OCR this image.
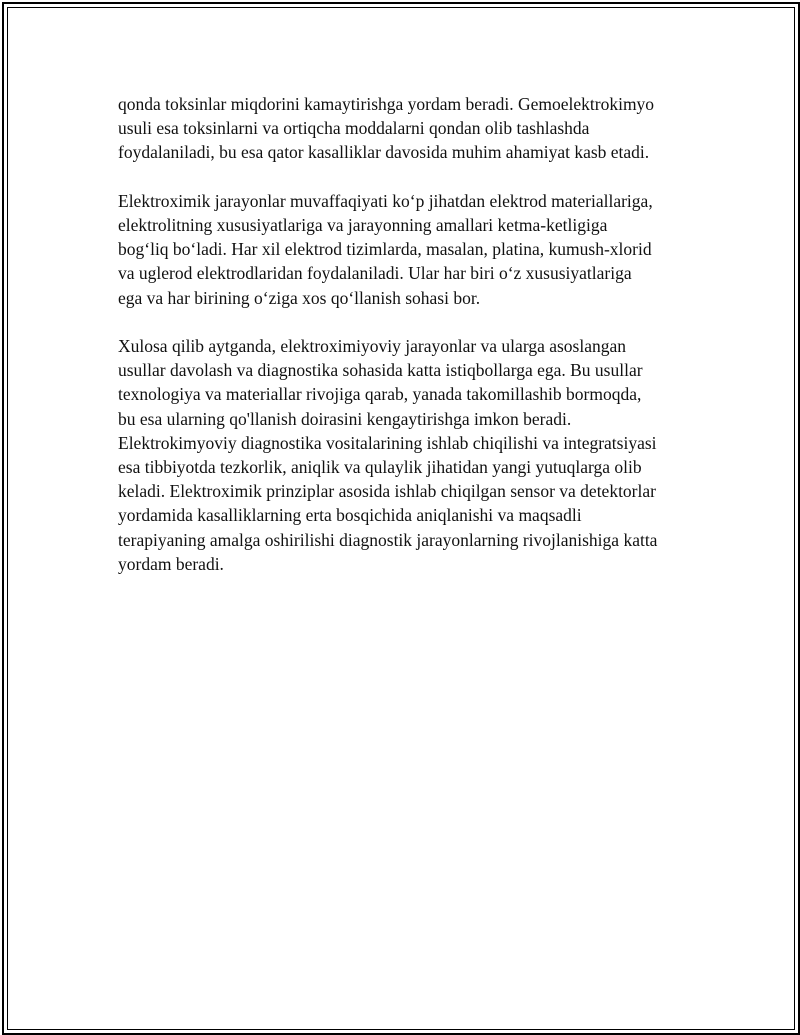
qonda toksinlar miqdorini kamaytirishga yordam beradi. Gemoelektrokimyo
usuli esa toksinlarni va ortiqcha moddalarni qondan olib tashlashda
foydalaniladi, bu esa qator kasalliklar davosida muhim ahamiyat kasb etadi.

Elektroximik jarayonlar muvaffaqiyati ko‘p jihatdan elektrod materiallariga,
elektrolitning xususiyatlariga va jarayonning amallari ketma-ketligiga
bog‘liq bo‘ladi. Har xil elektrod tizimlarda, masalan, platina, kumush-xlorid
va uglerod elektrodlaridan foydalaniladi. Ular har biri o‘z xususiyatlariga
ega va har birining o‘ziga xos qo‘llanish sohasi bor.

Xulosa qilib aytganda, elektroximiyoviy jarayonlar va ularga asoslangan
usullar davolash va diagnostika sohasida katta istiqbollarga ega. Bu usullar
texnologiya va materiallar rivojiga qarab, yanada takomillashib bormoqda,
bu esa ularning qo'llanish doirasini kengaytirishga imkon beradi.
Elektrokimyoviy diagnostika vositalarining ishlab chiqilishi va integratsiyasi
esa tibbiyotda tezkorlik, aniqlik va qulaylik jihatidan yangi yutuqlarga olib
keladi. Elektroximik prinziplar asosida ishlab chiqilgan sensor va detektorlar
yordamida kasalliklarning erta bosqichida aniqlanishi va maqsadli
terapiyaning amalga oshirilishi diagnostik jarayonlarning rivojlanishiga katta
yordam beradi.
